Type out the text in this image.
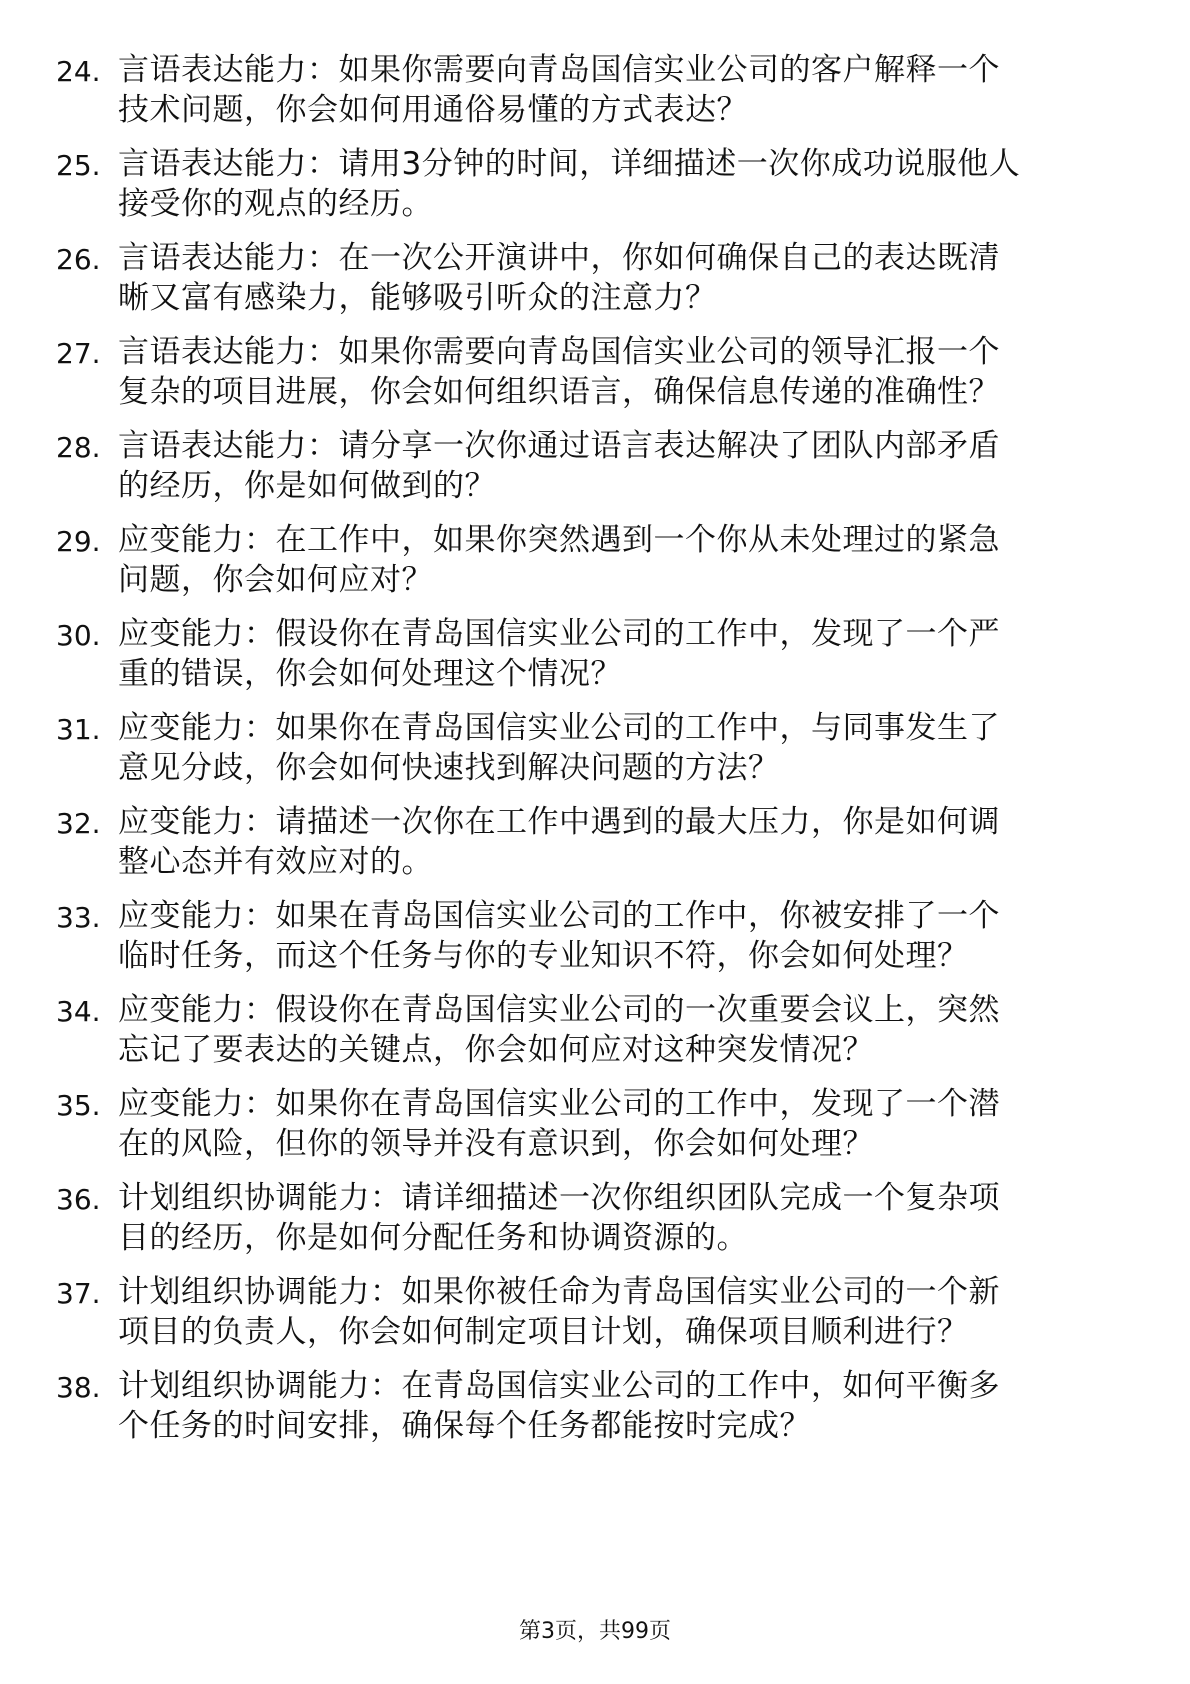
24. 言语表达能力：如果你需要向青岛国信实业公司的客户解释一个
技术问题，你会如何用通俗易懂的方式表达？
25. 言语表达能力：请用3分钟的时间，详细描述一次你成功说服他人
接受你的观点的经历。
26. 言语表达能力：在一次公开演讲中，你如何确保自己的表达既清
晰又富有感染力，能够吸引听众的注意力？
27. 言语表达能力：如果你需要向青岛国信实业公司的领导汇报一个
复杂的项目进展，你会如何组织语言，确保信息传递的准确性？
28. 言语表达能力：请分享一次你通过语言表达解决了团队内部矛盾
的经历，你是如何做到的？
29. 应变能力：在工作中，如果你突然遇到一个你从未处理过的紧急
问题，你会如何应对？
30. 应变能力：假设你在青岛国信实业公司的工作中，发现了一个严
重的错误，你会如何处理这个情况？
31. 应变能力：如果你在青岛国信实业公司的工作中，与同事发生了
意见分歧，你会如何快速找到解决问题的方法？
32. 应变能力：请描述一次你在工作中遇到的最大压力，你是如何调
整心态并有效应对的。
33. 应变能力：如果在青岛国信实业公司的工作中，你被安排了一个
临时任务，而这个任务与你的专业知识不符，你会如何处理？
34. 应变能力：假设你在青岛国信实业公司的一次重要会议上，突然
忘记了要表达的关键点，你会如何应对这种突发情况？
35. 应变能力：如果你在青岛国信实业公司的工作中，发现了一个潜
在的风险，但你的领导并没有意识到，你会如何处理？
36. 计划组织协调能力：请详细描述一次你组织团队完成一个复杂项
目的经历，你是如何分配任务和协调资源的。
37. 计划组织协调能力：如果你被任命为青岛国信实业公司的一个新
项目的负责人，你会如何制定项目计划，确保项目顺利进行？
38. 计划组织协调能力：在青岛国信实业公司的工作中，如何平衡多
个任务的时间安排，确保每个任务都能按时完成？
第3页，共99页
